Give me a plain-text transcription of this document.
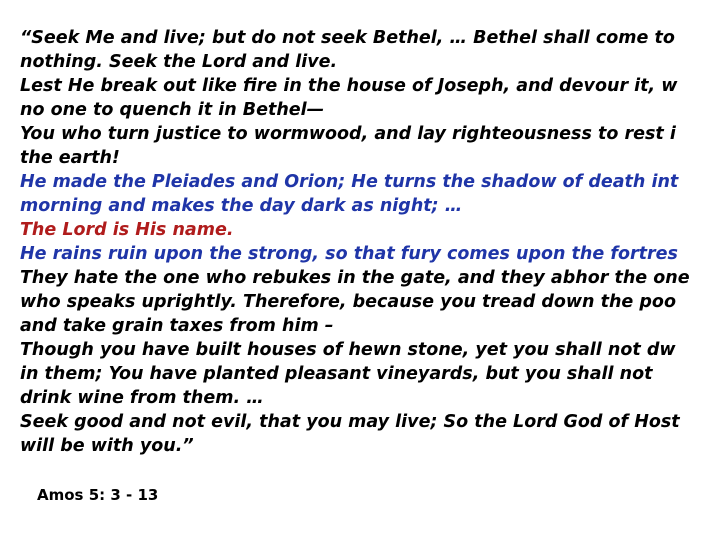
“Seek Me and live; but do not seek Bethel, … Bethel shall come to
nothing. Seek the Lord and live.
Lest He break out like fire in the house of Joseph, and devour it, w
no one to quench it in Bethel—
You who turn justice to wormwood, and lay righteousness to rest i
the earth!
He made the Pleiades and Orion; He turns the shadow of death int
morning and makes the day dark as night; …
The Lord is His name.
He rains ruin upon the strong, so that fury comes upon the fortres
They hate the one who rebukes in the gate, and they abhor the one
who speaks uprightly. Therefore, because you tread down the poo
and take grain taxes from him –
Though you have built houses of hewn stone, yet you shall not dw
in them; You have planted pleasant vineyards, but you shall not
drink wine from them. …
Seek good and not evil, that you may live; So the Lord God of Host
will be with you.”
Amos 5: 3 - 13
